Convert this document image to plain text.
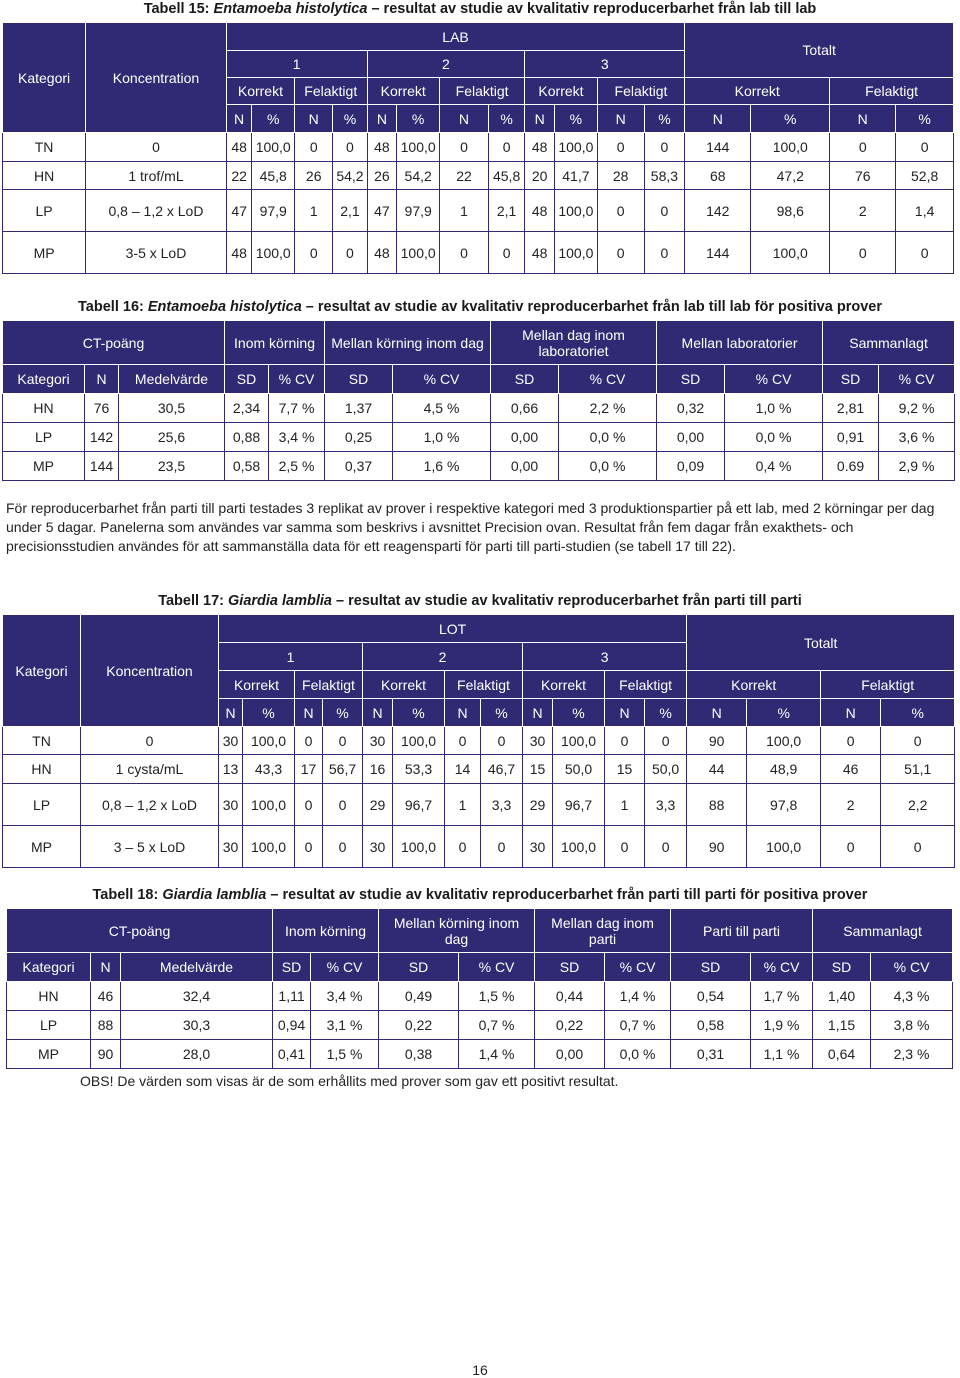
Tabell 15: Entamoeba histolytica – resultat av studie av kvalitativ reproducerbarhet från lab till lab
Kategori	Koncentration	LAB												Totalt			
		1				2				3							
		Korrekt		Felaktigt		Korrekt		Felaktigt		Korrekt		Felaktigt		Korrekt		Felaktigt	
		N	%	N	%	N	%	N	%	N	%	N	%	N	%	N	%
TN	0	48	100,0	0	0	48	100,0	0	0	48	100,0	0	0	144	100,0	0	0
HN	1 trof/mL	22	45,8	26	54,2	26	54,2	22	45,8	20	41,7	28	58,3	68	47,2	76	52,8
LP	0,8 – 1,2 x LoD	47	97,9	1	2,1	47	97,9	1	2,1	48	100,0	0	0	142	98,6	2	1,4
MP	3-5 x LoD	48	100,0	0	0	48	100,0	0	0	48	100,0	0	0	144	100,0	0	0
Tabell 16: Entamoeba histolytica – resultat av studie av kvalitativ reproducerbarhet från lab till lab för positiva prover
CT-poäng			Inom körning		Mellan körning inom dag		Mellan dag inom laboratoriet		Mellan laboratorier		Sammanlagt	
Kategori	N	Medelvärde	SD	% CV	SD	% CV	SD	% CV	SD	% CV	SD	% CV
HN	76	30,5	2,34	7,7 %	1,37	4,5 %	0,66	2,2 %	0,32	1,0 %	2,81	9,2 %
LP	142	25,6	0,88	3,4 %	0,25	1,0 %	0,00	0,0 %	0,00	0,0 %	0,91	3,6 %
MP	144	23,5	0,58	2,5 %	0,37	1,6 %	0,00	0,0 %	0,09	0,4 %	0.69	2,9 %
För reproducerbarhet från parti till parti testades 3 replikat av prover i respektive kategori med 3 produktionspartier på ett lab, med 2 körningar per dag under 5 dagar. Panelerna som användes var samma som beskrivs i avsnittet Precision ovan. Resultat från fem dagar från exakthets- och precisionsstudien användes för att sammanställa data för ett reagensparti för parti till parti-studien (se tabell 17 till 22).
Tabell 17: Giardia lamblia – resultat av studie av kvalitativ reproducerbarhet från parti till parti
Kategori	Koncentration	LOT												Totalt			
		1				2				3							
		Korrekt		Felaktigt		Korrekt		Felaktigt		Korrekt		Felaktigt		Korrekt		Felaktigt	
		N	%	N	%	N	%	N	%	N	%	N	%	N	%	N	%
TN	0	30	100,0	0	0	30	100,0	0	0	30	100,0	0	0	90	100,0	0	0
HN	1 cysta/mL	13	43,3	17	56,7	16	53,3	14	46,7	15	50,0	15	50,0	44	48,9	46	51,1
LP	0,8 – 1,2 x LoD	30	100,0	0	0	29	96,7	1	3,3	29	96,7	1	3,3	88	97,8	2	2,2
MP	3 – 5 x LoD	30	100,0	0	0	30	100,0	0	0	30	100,0	0	0	90	100,0	0	0
Tabell 18: Giardia lamblia – resultat av studie av kvalitativ reproducerbarhet från parti till parti för positiva prover
CT-poäng			Inom körning		Mellan körning inom dag		Mellan dag inom parti		Parti till parti		Sammanlagt	
Kategori	N	Medelvärde	SD	% CV	SD	% CV	SD	% CV	SD	% CV	SD	% CV
HN	46	32,4	1,11	3,4 %	0,49	1,5 %	0,44	1,4 %	0,54	1,7 %	1,40	4,3 %
LP	88	30,3	0,94	3,1 %	0,22	0,7 %	0,22	0,7 %	0,58	1,9 %	1,15	3,8 %
MP	90	28,0	0,41	1,5 %	0,38	1,4 %	0,00	0,0 %	0,31	1,1 %	0,64	2,3 %
OBS! De värden som visas är de som erhållits med prover som gav ett positivt resultat.
16
